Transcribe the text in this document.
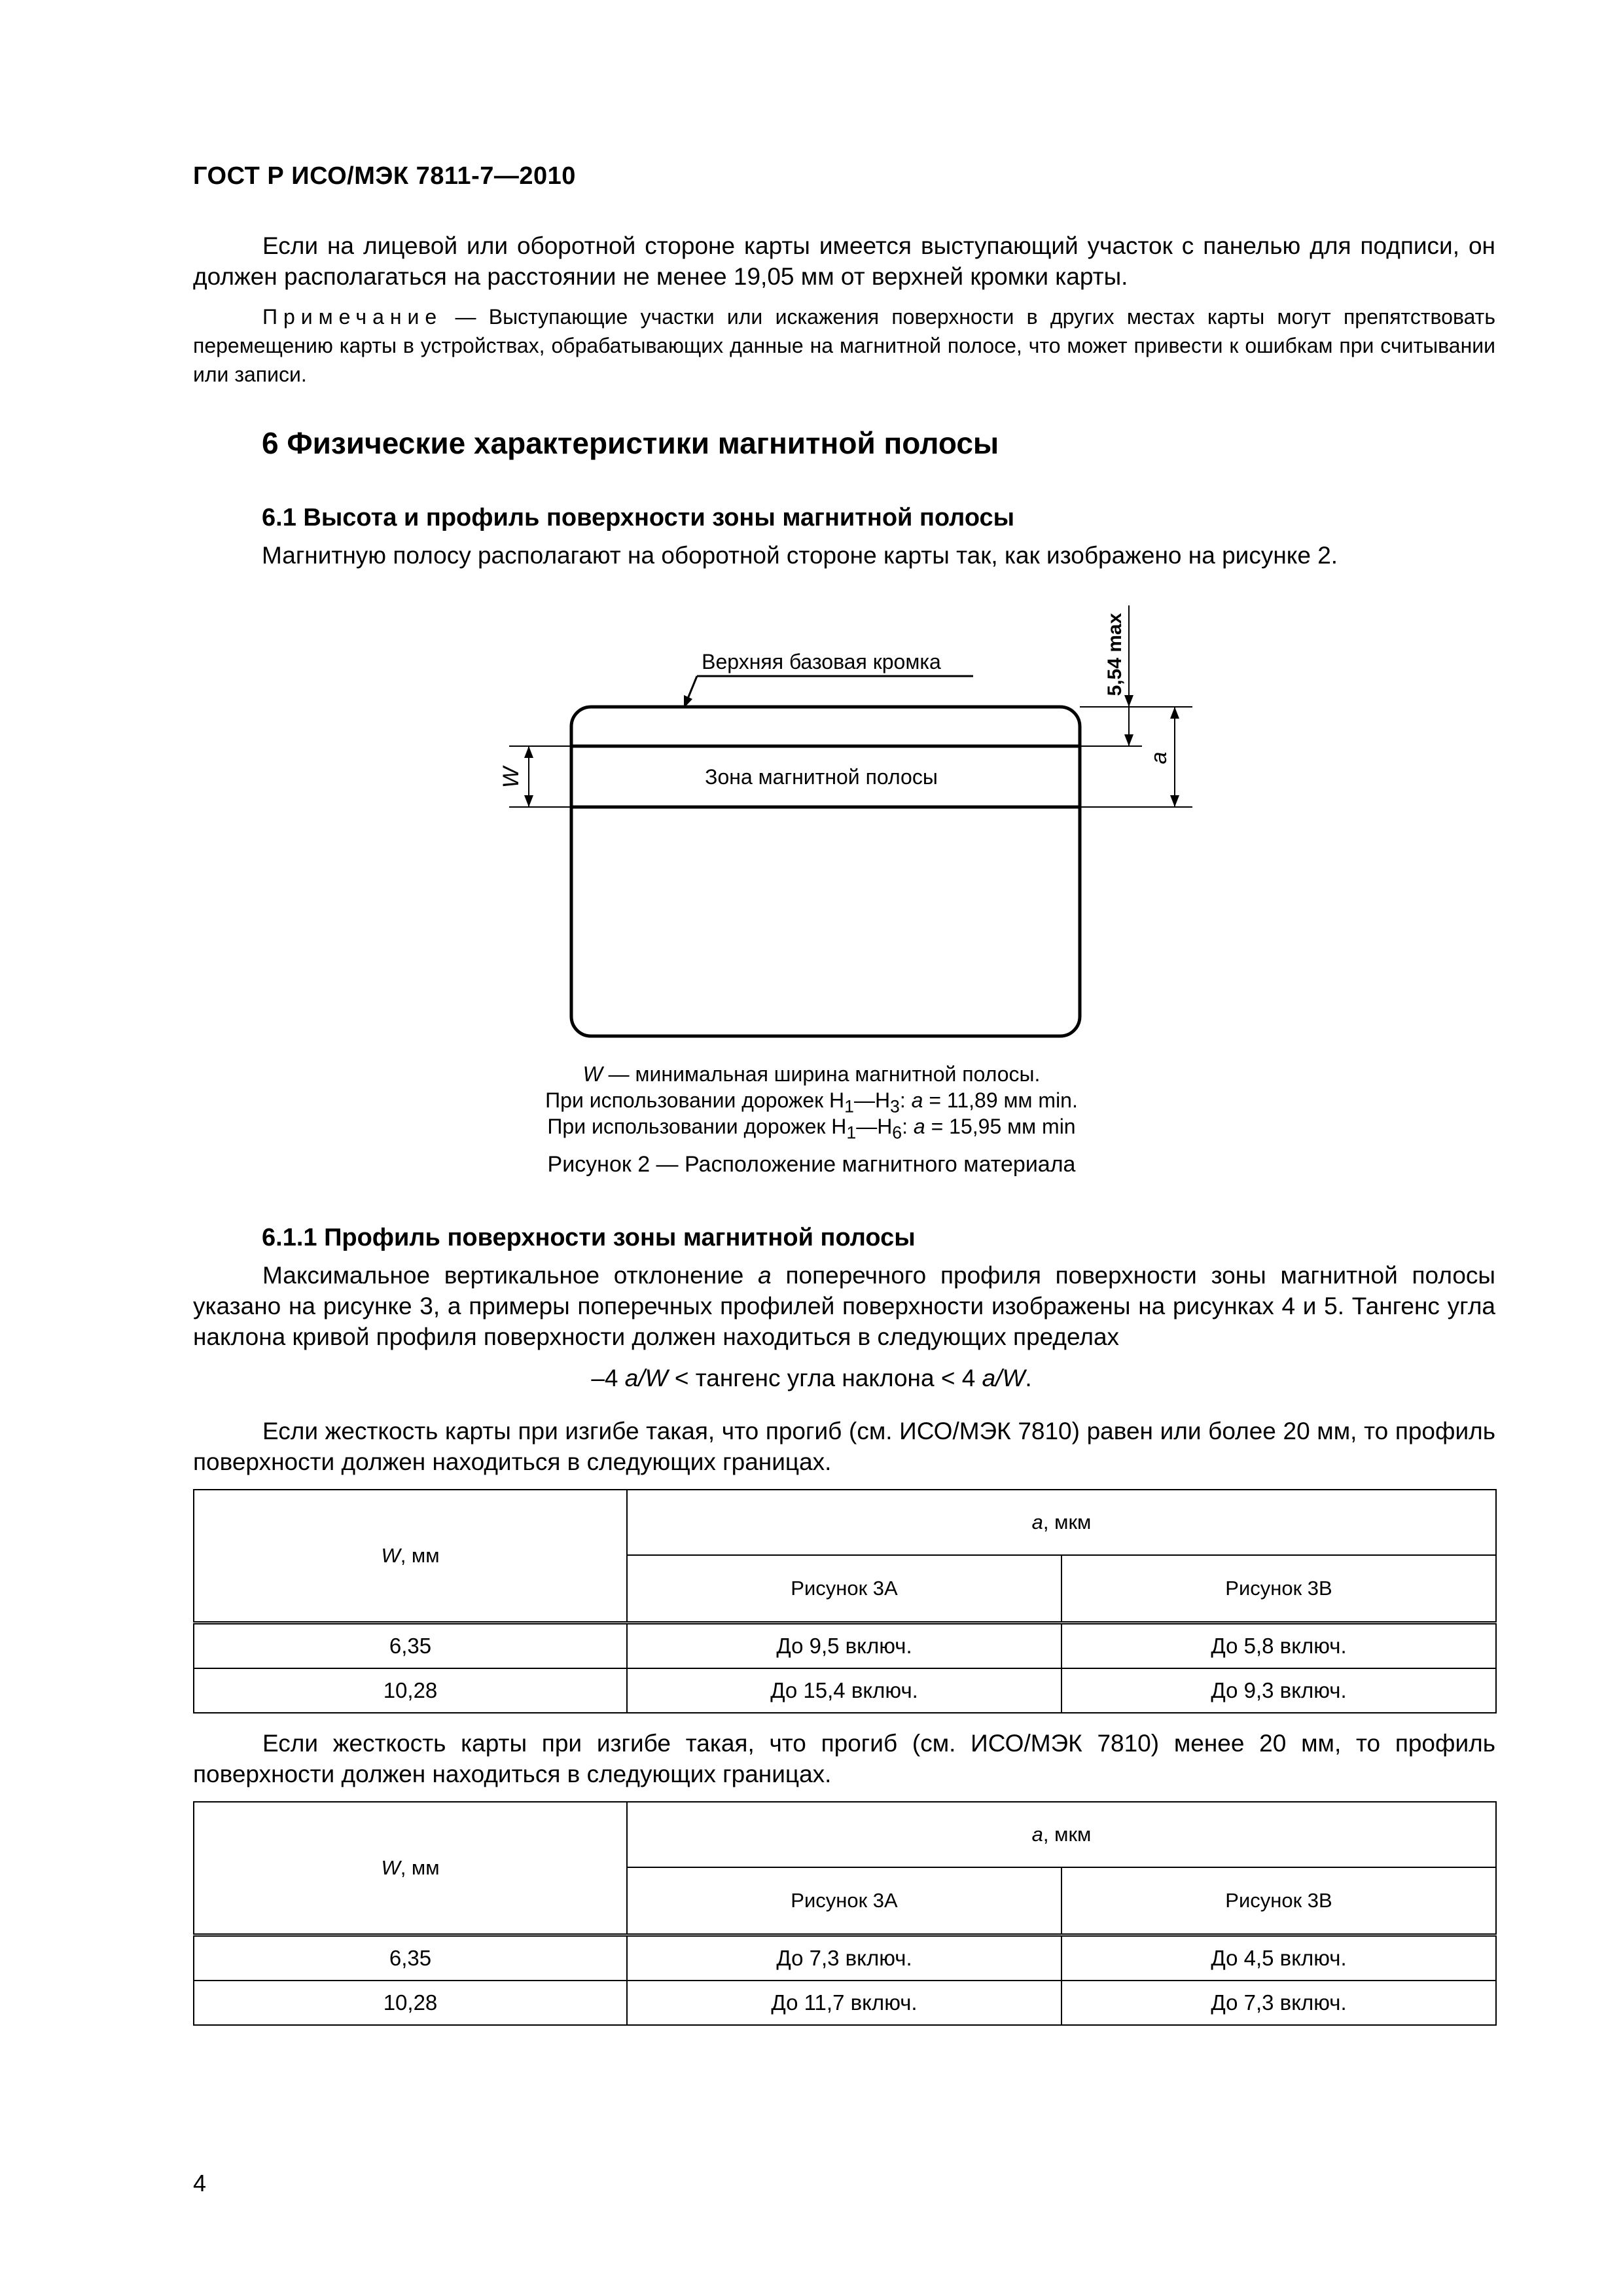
ГОСТ Р ИСО/МЭК 7811-7—2010
Если на лицевой или оборотной стороне карты имеется выступающий участок с панелью для подписи, он должен располагаться на расстоянии не менее 19,05 мм от верхней кромки карты.
Примечание — Выступающие участки или искажения поверхности в других местах карты могут препятствовать перемещению карты в устройствах, обрабатывающих данные на магнитной полосе, что может привести к ошибкам при считывании или записи.
6 Физические характеристики магнитной полосы
6.1 Высота и профиль поверхности зоны магнитной полосы
Магнитную полосу располагают на оборотной стороне карты так, как изображено на рисунке 2.
Верхняя базовая кромка
Зона магнитной полосы
W
5,54 max
a
W — минимальная ширина магнитной полосы.
При использовании дорожек $H_1—H_3$: a = 11,89 мм min.
При использовании дорожек $H_1—H_6$: a = 15,95 мм min
Рисунок 2 — Расположение магнитного материала
6.1.1 Профиль поверхности зоны магнитной полосы
Максимальное вертикальное отклонение a поперечного профиля поверхности зоны магнитной полосы указано на рисунке 3, а примеры поперечных профилей поверхности изображены на рисунках 4 и 5. Тангенс угла наклона кривой профиля поверхности должен находиться в следующих пределах
–4 a/W < тангенс угла наклона < 4 a/W.
Если жесткость карты при изгибе такая, что прогиб (см. ИСО/МЭК 7810) равен или более 20 мм, то профиль поверхности должен находиться в следующих границах.
W, мм	a, мкм	
	Рисунок 3А	Рисунок 3В
6,35	До 9,5 включ.	До 5,8 включ.
10,28	До 15,4 включ.	До 9,3 включ.
Если жесткость карты при изгибе такая, что прогиб (см. ИСО/МЭК 7810) менее 20 мм, то профиль поверхности должен находиться в следующих границах.
W, мм	a, мкм	
	Рисунок 3А	Рисунок 3В
6,35	До 7,3 включ.	До 4,5 включ.
10,28	До 11,7 включ.	До 7,3 включ.
4
